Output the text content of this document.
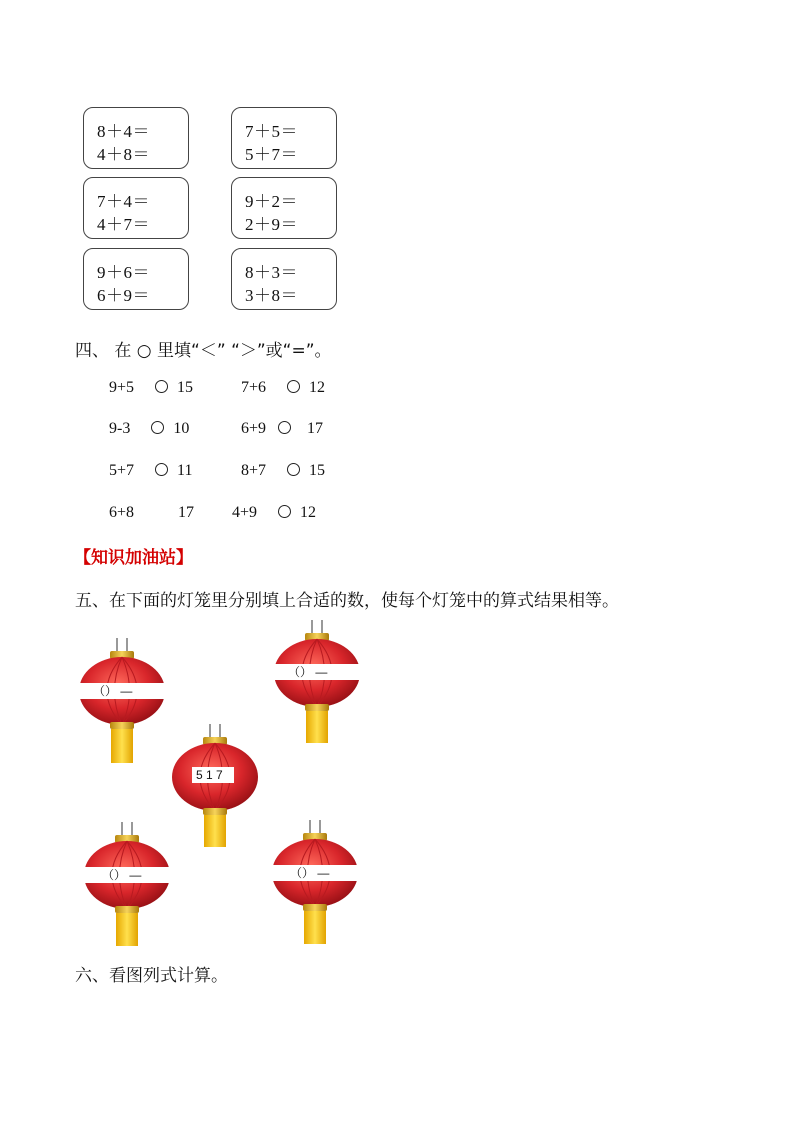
8＋4＝
4＋8＝
7＋5＝
5＋7＝
7＋4＝
4＋7＝
9＋2＝
2＋9＝
9＋6＝
6＋9＝
8＋3＝
3＋8＝
四、 在 ○ 里填“＜” “＞”或“=”。
9+5	15	7+6	12
9-3	10	6+9	17
5+7	11	8+7	15
6+8	17 4+9	12
【知识加油站】
五、在下面的灯笼里分别填上合适的数，使每个灯笼中的算式结果相等。
（） —
（） —
5 1 7
（） —	（） —
六、看图列式计算。
